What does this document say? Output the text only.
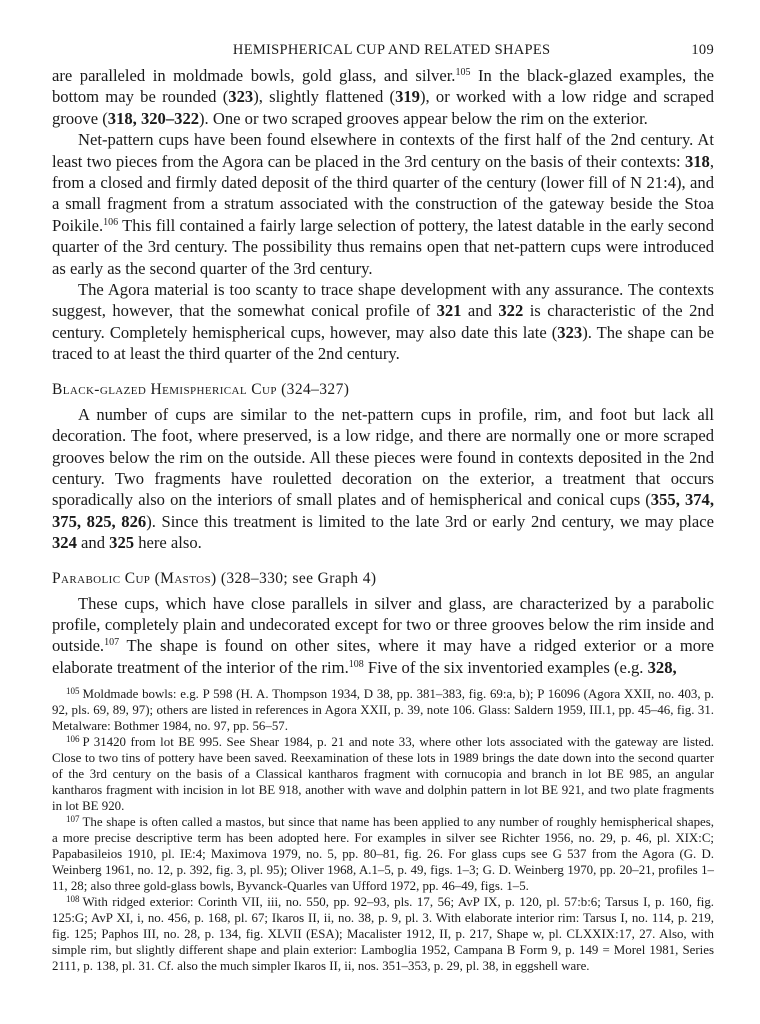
HEMISPHERICAL CUP AND RELATED SHAPES	109

are paralleled in moldmade bowls, gold glass, and silver.$^{105}$ In the black-glazed examples, the bottom may be rounded (323), slightly flattened (319), or worked with a low ridge and scraped groove (318, 320–322). One or two scraped grooves appear below the rim on the exterior.

Net-pattern cups have been found elsewhere in contexts of the first half of the 2nd century. At least two pieces from the Agora can be placed in the 3rd century on the basis of their contexts: 318, from a closed and firmly dated deposit of the third quarter of the century (lower fill of N 21:4), and a small fragment from a stratum associated with the construction of the gateway beside the Stoa Poikile.$^{106}$ This fill contained a fairly large selection of pottery, the latest datable in the early second quarter of the 3rd century. The possibility thus remains open that net-pattern cups were introduced as early as the second quarter of the 3rd century.

The Agora material is too scanty to trace shape development with any assurance. The contexts suggest, however, that the somewhat conical profile of 321 and 322 is characteristic of the 2nd century. Completely hemispherical cups, however, may also date this late (323). The shape can be traced to at least the third quarter of the 2nd century.

Black-glazed Hemispherical Cup (324–327)

A number of cups are similar to the net-pattern cups in profile, rim, and foot but lack all decoration. The foot, where preserved, is a low ridge, and there are normally one or more scraped grooves below the rim on the outside. All these pieces were found in contexts deposited in the 2nd century. Two fragments have rouletted decoration on the exterior, a treatment that occurs sporadically also on the interiors of small plates and of hemispherical and conical cups (355, 374, 375, 825, 826). Since this treatment is limited to the late 3rd or early 2nd century, we may place 324 and 325 here also.

Parabolic Cup (Mastos) (328–330; see Graph 4)

These cups, which have close parallels in silver and glass, are characterized by a parabolic profile, completely plain and undecorated except for two or three grooves below the rim inside and outside.$^{107}$ The shape is found on other sites, where it may have a ridged exterior or a more elaborate treatment of the interior of the rim.$^{108}$ Five of the six inventoried examples (e.g. 328,

$^{105}$ Moldmade bowls: e.g. P 598 (H. A. Thompson 1934, D 38, pp. 381–383, fig. 69:a, b); P 16096 (Agora XXII, no. 403, p. 92, pls. 69, 89, 97); others are listed in references in Agora XXII, p. 39, note 106. Glass: Saldern 1959, III.1, pp. 45–46, fig. 31. Metalware: Bothmer 1984, no. 97, pp. 56–57.

$^{106}$ P 31420 from lot BE 995. See Shear 1984, p. 21 and note 33, where other lots associated with the gateway are listed. Close to two tins of pottery have been saved. Reexamination of these lots in 1989 brings the date down into the second quarter of the 3rd century on the basis of a Classical kantharos fragment with cornucopia and branch in lot BE 985, an angular kantharos fragment with incision in lot BE 918, another with wave and dolphin pattern in lot BE 921, and two plate fragments in lot BE 920.

$^{107}$ The shape is often called a mastos, but since that name has been applied to any number of roughly hemispherical shapes, a more precise descriptive term has been adopted here. For examples in silver see Richter 1956, no. 29, p. 46, pl. XIX:C; Papabasileios 1910, pl. IE:4; Maximova 1979, no. 5, pp. 80–81, fig. 26. For glass cups see G 537 from the Agora (G. D. Weinberg 1961, no. 12, p. 392, fig. 3, pl. 95); Oliver 1968, A.1–5, p. 49, figs. 1–3; G. D. Weinberg 1970, pp. 20–21, profiles 1–11, 28; also three gold-glass bowls, Byvanck-Quarles van Ufford 1972, pp. 46–49, figs. 1–5.

$^{108}$ With ridged exterior: Corinth VII, iii, no. 550, pp. 92–93, pls. 17, 56; AvP IX, p. 120, pl. 57:b:6; Tarsus I, p. 160, fig. 125:G; AvP XI, i, no. 456, p. 168, pl. 67; Ikaros II, ii, no. 38, p. 9, pl. 3. With elaborate interior rim: Tarsus I, no. 114, p. 219, fig. 125; Paphos III, no. 28, p. 134, fig. XLVII (ESA); Macalister 1912, II, p. 217, Shape w, pl. CLXXIX:17, 27. Also, with simple rim, but slightly different shape and plain exterior: Lamboglia 1952, Campana B Form 9, p. 149 = Morel 1981, Series 2111, p. 138, pl. 31. Cf. also the much simpler Ikaros II, ii, nos. 351–353, p. 29, pl. 38, in eggshell ware.
